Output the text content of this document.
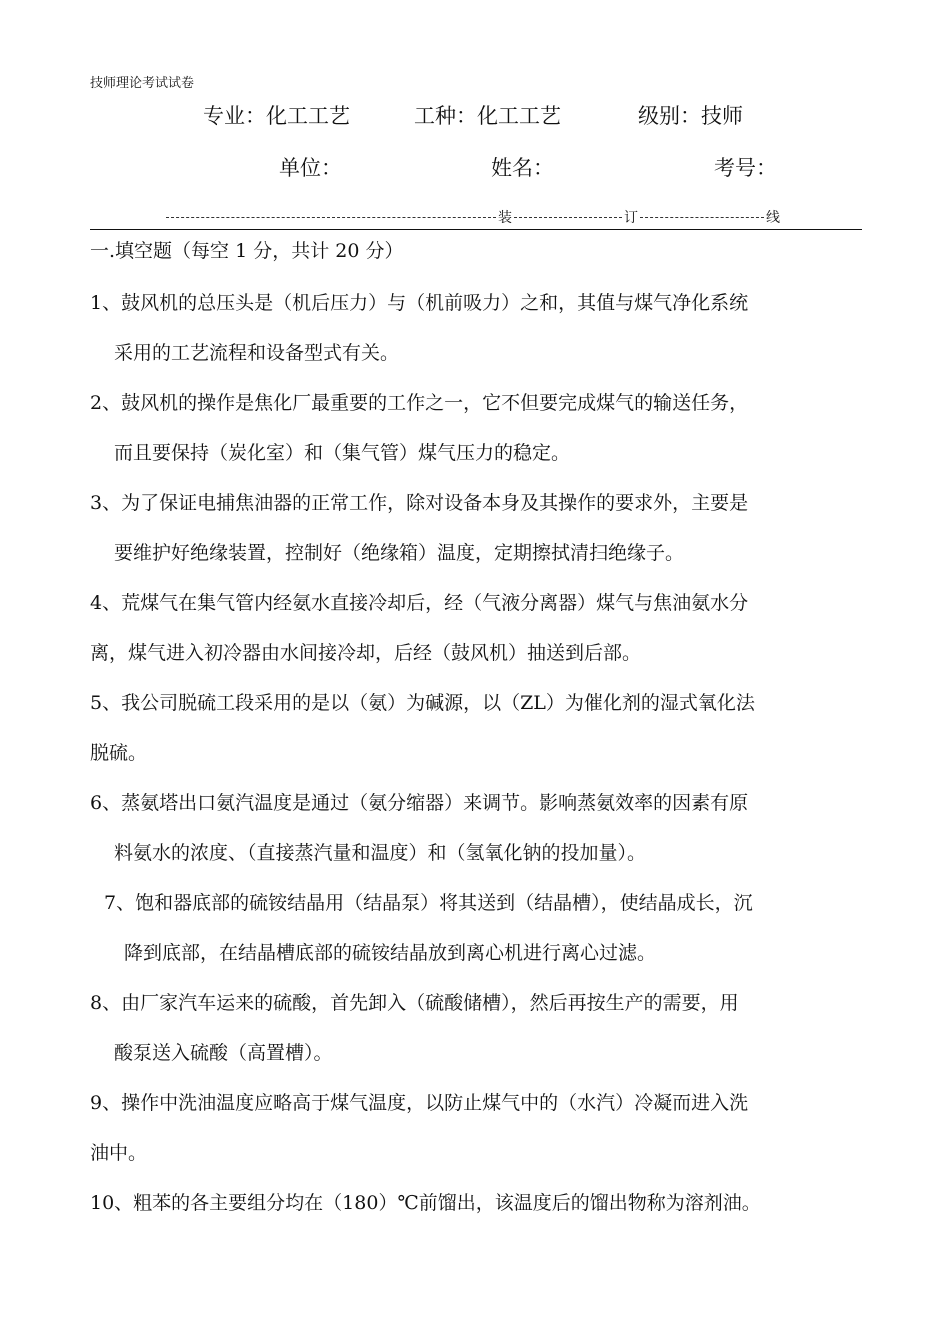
技师理论考试试卷
专业：化工工艺	工种：化工工艺	级别：技师
单位：	姓名：	考号：
装	订	线
一.填空题（每空 1 分，共计 20 分）
1、鼓风机的总压头是（机后压力）与（机前吸力）之和，其值与煤气净化系统
采用的工艺流程和设备型式有关。
2、鼓风机的操作是焦化厂最重要的工作之一，它不但要完成煤气的输送任务，
而且要保持（炭化室）和（集气管）煤气压力的稳定。
3、为了保证电捕焦油器的正常工作，除对设备本身及其操作的要求外，主要是
要维护好绝缘装置，控制好（绝缘箱）温度，定期擦拭清扫绝缘子。
4、荒煤气在集气管内经氨水直接冷却后，经（气液分离器）煤气与焦油氨水分
离，煤气进入初冷器由水间接冷却，后经（鼓风机）抽送到后部。
5、我公司脱硫工段采用的是以（氨）为碱源，以（ZL）为催化剂的湿式氧化法
脱硫。
6、蒸氨塔出口氨汽温度是通过（氨分缩器）来调节。影响蒸氨效率的因素有原
料氨水的浓度、（直接蒸汽量和温度）和（氢氧化钠的投加量）。
7、饱和器底部的硫铵结晶用（结晶泵）将其送到（结晶槽），使结晶成长，沉
降到底部，在结晶槽底部的硫铵结晶放到离心机进行离心过滤。
8、由厂家汽车运来的硫酸，首先卸入（硫酸储槽），然后再按生产的需要，用
酸泵送入硫酸（高置槽）。
9、操作中洗油温度应略高于煤气温度，以防止煤气中的（水汽）冷凝而进入洗
油中。
10、粗苯的各主要组分均在（180）℃前馏出，该温度后的馏出物称为溶剂油。
